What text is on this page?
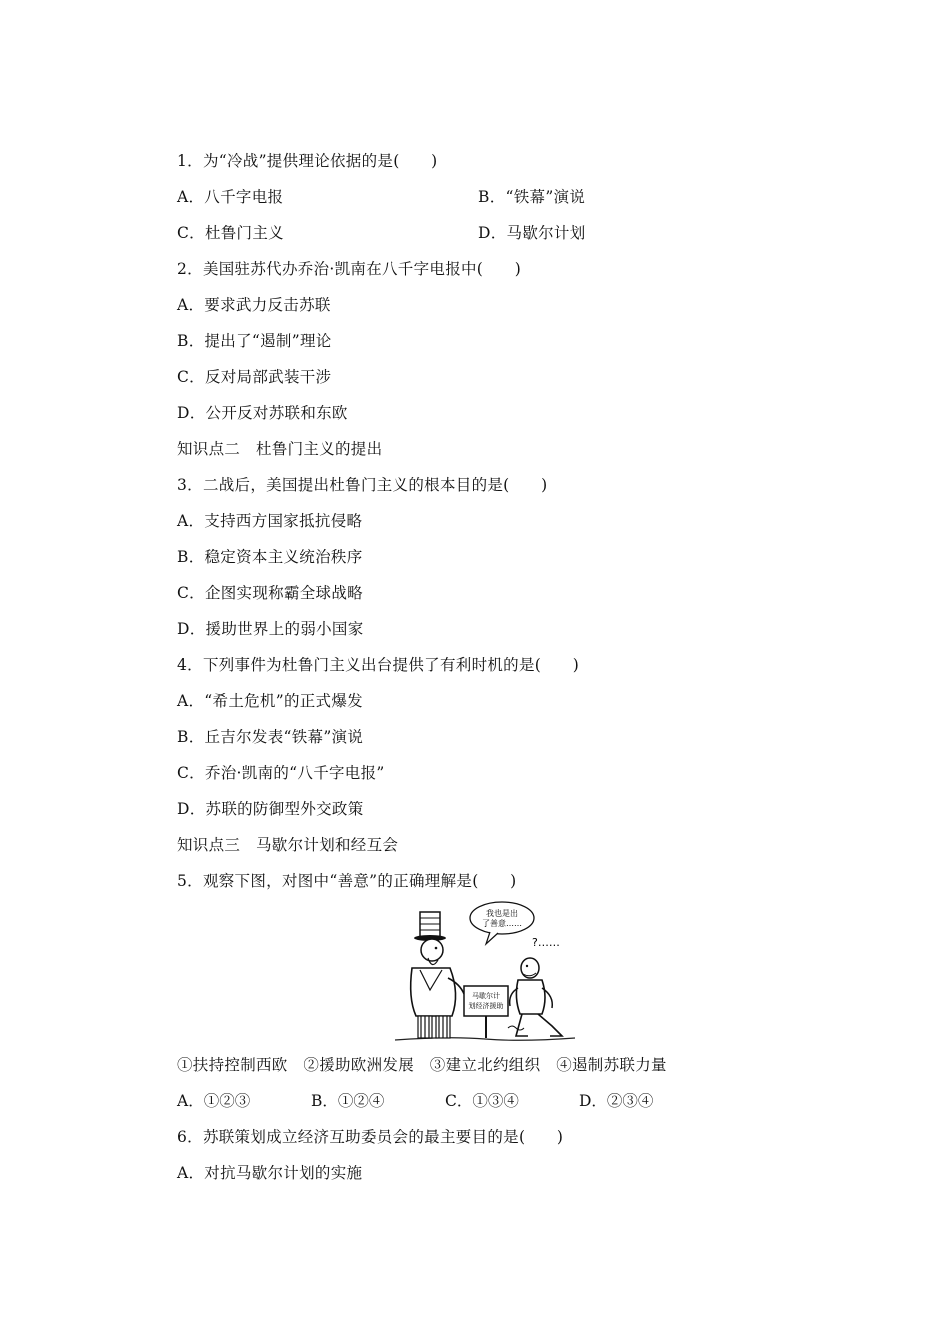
1．为“冷战”提供理论依据的是(　　)
A．八千字电报	B．“铁幕”演说
C．杜鲁门主义	D．马歇尔计划
2．美国驻苏代办乔治·凯南在八千字电报中(　　)
A．要求武力反击苏联
B．提出了“遏制”理论
C．反对局部武装干涉
D．公开反对苏联和东欧
知识点二　杜鲁门主义的提出
3．二战后，美国提出杜鲁门主义的根本目的是(　　)
A．支持西方国家抵抗侵略
B．稳定资本主义统治秩序
C．企图实现称霸全球战略
D．援助世界上的弱小国家
4．下列事件为杜鲁门主义出台提供了有利时机的是(　　)
A．“希土危机”的正式爆发
B．丘吉尔发表“铁幕”演说
C．乔治·凯南的“八千字电报”
D．苏联的防御型外交政策
知识点三　马歇尔计划和经互会
5．观察下图，对图中“善意”的正确理解是(　　)
我也是出
了善意……
?……
马歇尔计
划经济援助
①扶持控制西欧　②援助欧洲发展　③建立北约组织　④遏制苏联力量
A．①②③	B．①②④	C．①③④	D．②③④
6．苏联策划成立经济互助委员会的最主要目的是(　　)
A．对抗马歇尔计划的实施
